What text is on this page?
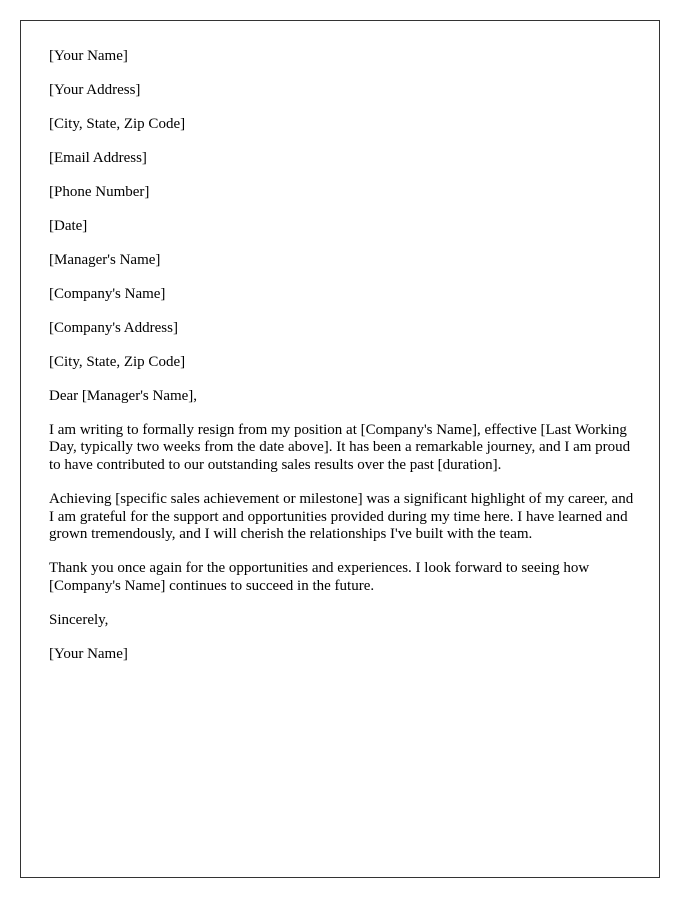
[Your Name]
[Your Address]
[City, State, Zip Code]
[Email Address]
[Phone Number]
[Date]
[Manager's Name]
[Company's Name]
[Company's Address]
[City, State, Zip Code]
Dear [Manager's Name],

I am writing to formally resign from my position at [Company's Name], effective [Last Working Day, typically two weeks from the date above]. It has been a remarkable journey, and I am proud to have contributed to our outstanding sales results over the past [duration].

Achieving [specific sales achievement or milestone] was a significant highlight of my career, and I am grateful for the support and opportunities provided during my time here. I have learned and grown tremendously, and I will cherish the relationships I've built with the team.

Thank you once again for the opportunities and experiences. I look forward to seeing how [Company's Name] continues to succeed in the future.

Sincerely,
[Your Name]
